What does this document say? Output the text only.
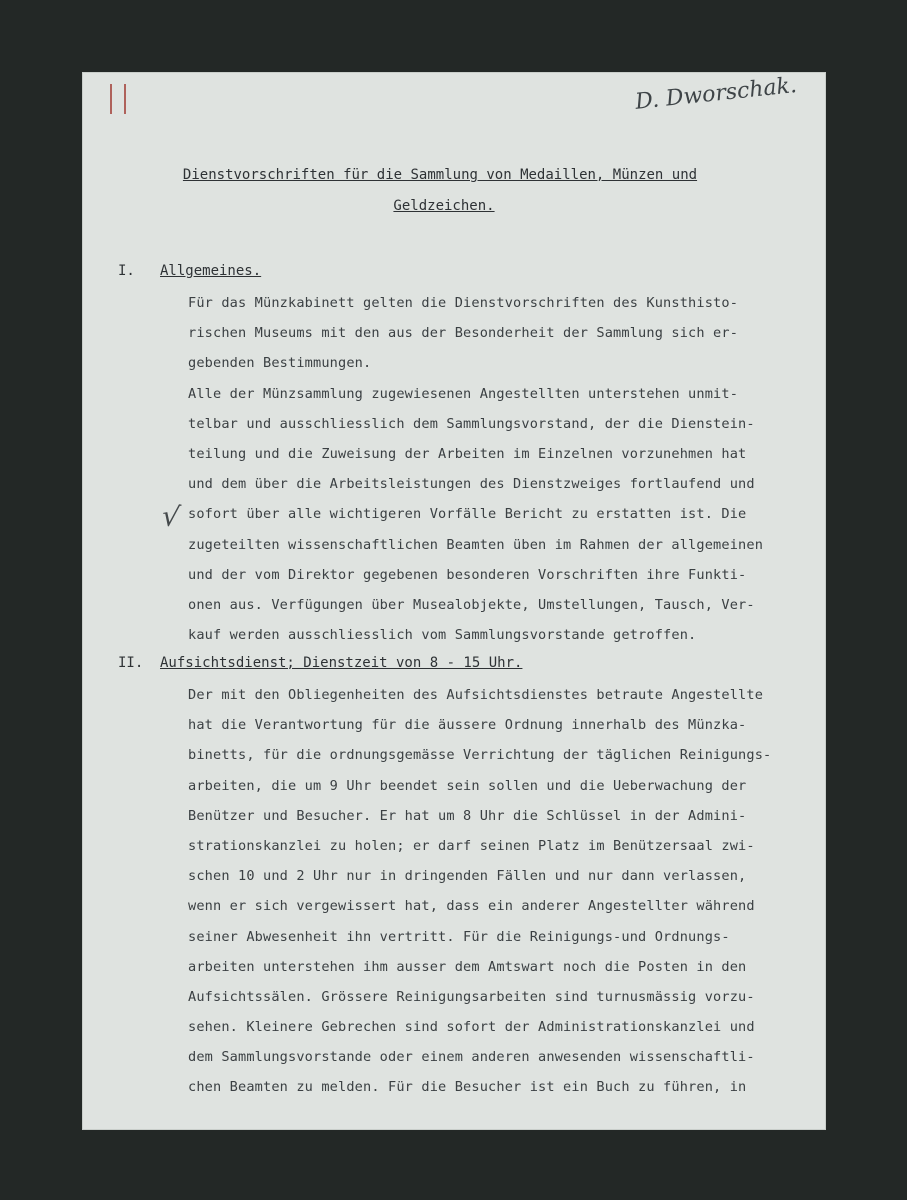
D. Dworschak.
Dienstvorschriften für die Sammlung von Medaillen, Münzen und
Geldzeichen.
I. Allgemeines.
Für das Münzkabinett gelten die Dienstvorschriften des Kunsthisto-
rischen Museums mit den aus der Besonderheit der Sammlung sich er-
gebenden Bestimmungen.
Alle der Münzsammlung zugewiesenen Angestellten unterstehen unmit-
telbar und ausschliesslich dem Sammlungsvorstand, der die Dienstein-
teilung und die Zuweisung der Arbeiten im Einzelnen vorzunehmen hat
und dem über die Arbeitsleistungen des Dienstzweiges fortlaufend und
sofort über alle wichtigeren Vorfälle Bericht zu erstatten ist. Die
zugeteilten wissenschaftlichen Beamten üben im Rahmen der allgemeinen
und der vom Direktor gegebenen besonderen Vorschriften ihre Funkti-
onen aus. Verfügungen über Musealobjekte, Umstellungen, Tausch, Ver-
kauf werden ausschliesslich vom Sammlungsvorstande getroffen.
√
II. Aufsichtsdienst; Dienstzeit von 8 - 15 Uhr.
Der mit den Obliegenheiten des Aufsichtsdienstes betraute Angestellte
hat die Verantwortung für die äussere Ordnung innerhalb des Münzka-
binetts, für die ordnungsgemässe Verrichtung der täglichen Reinigungs-
arbeiten, die um 9 Uhr beendet sein sollen und die Ueberwachung der
Benützer und Besucher. Er hat um 8 Uhr die Schlüssel in der Admini-
strationskanzlei zu holen; er darf seinen Platz im Benützersaal zwi-
schen 10 und 2 Uhr nur in dringenden Fällen und nur dann verlassen,
wenn er sich vergewissert hat, dass ein anderer Angestellter während
seiner Abwesenheit ihn vertritt. Für die Reinigungs-und Ordnungs-
arbeiten unterstehen ihm ausser dem Amtswart noch die Posten in den
Aufsichtssälen. Grössere Reinigungsarbeiten sind turnusmässig vorzu-
sehen. Kleinere Gebrechen sind sofort der Administrationskanzlei und
dem Sammlungsvorstande oder einem anderen anwesenden wissenschaftli-
chen Beamten zu melden. Für die Besucher ist ein Buch zu führen, in
